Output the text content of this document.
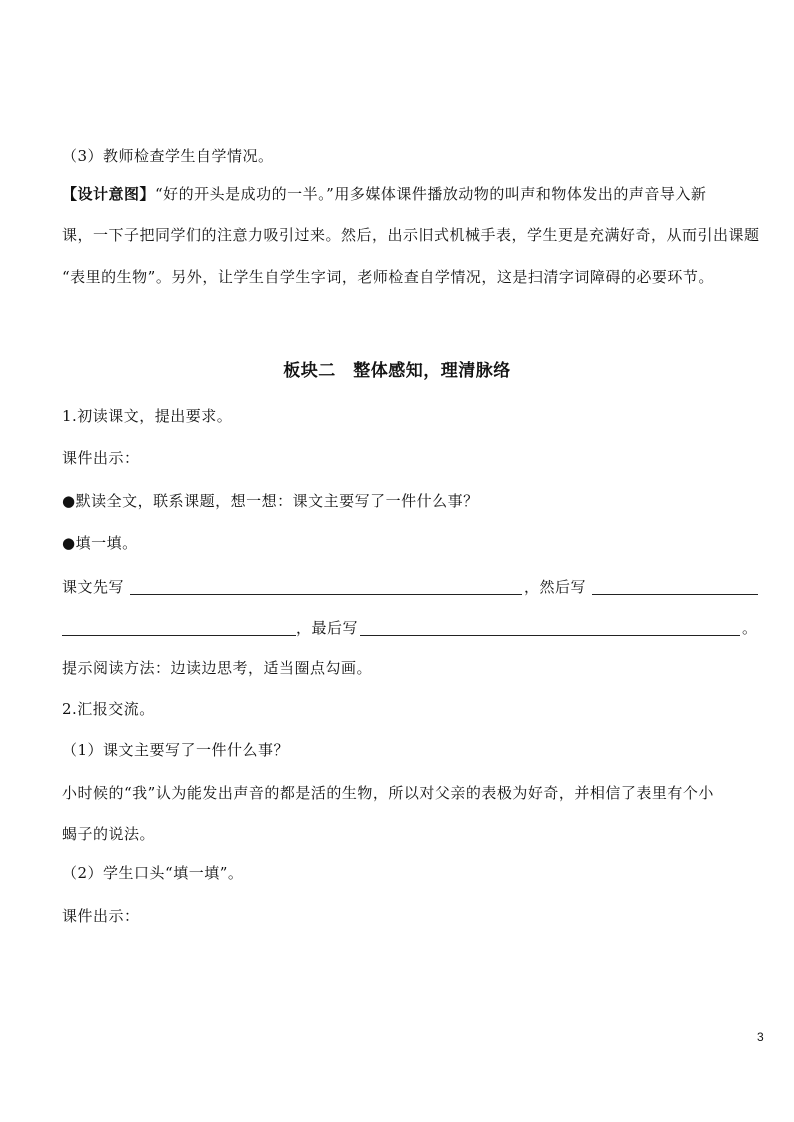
（3）教师检查学生自学情况。
【设计意图】“好的开头是成功的一半。”用多媒体课件播放动物的叫声和物体发出的声音导入新
课，一下子把同学们的注意力吸引过来。然后，出示旧式机械手表，学生更是充满好奇，从而引出课题
“表里的生物”。另外，让学生自学生字词，老师检查自学情况，这是扫清字词障碍的必要环节。
板块二　整体感知，理清脉络
1.初读课文，提出要求。
课件出示：
●默读全文，联系课题，想一想：课文主要写了一件什么事？
●填一填。
课文先写	，然后写
，最后写	。
提示阅读方法：边读边思考，适当圈点勾画。
2.汇报交流。
（1）课文主要写了一件什么事？
小时候的“我”认为能发出声音的都是活的生物，所以对父亲的表极为好奇，并相信了表里有个小
蝎子的说法。
（2）学生口头“填一填”。
课件出示：
3
